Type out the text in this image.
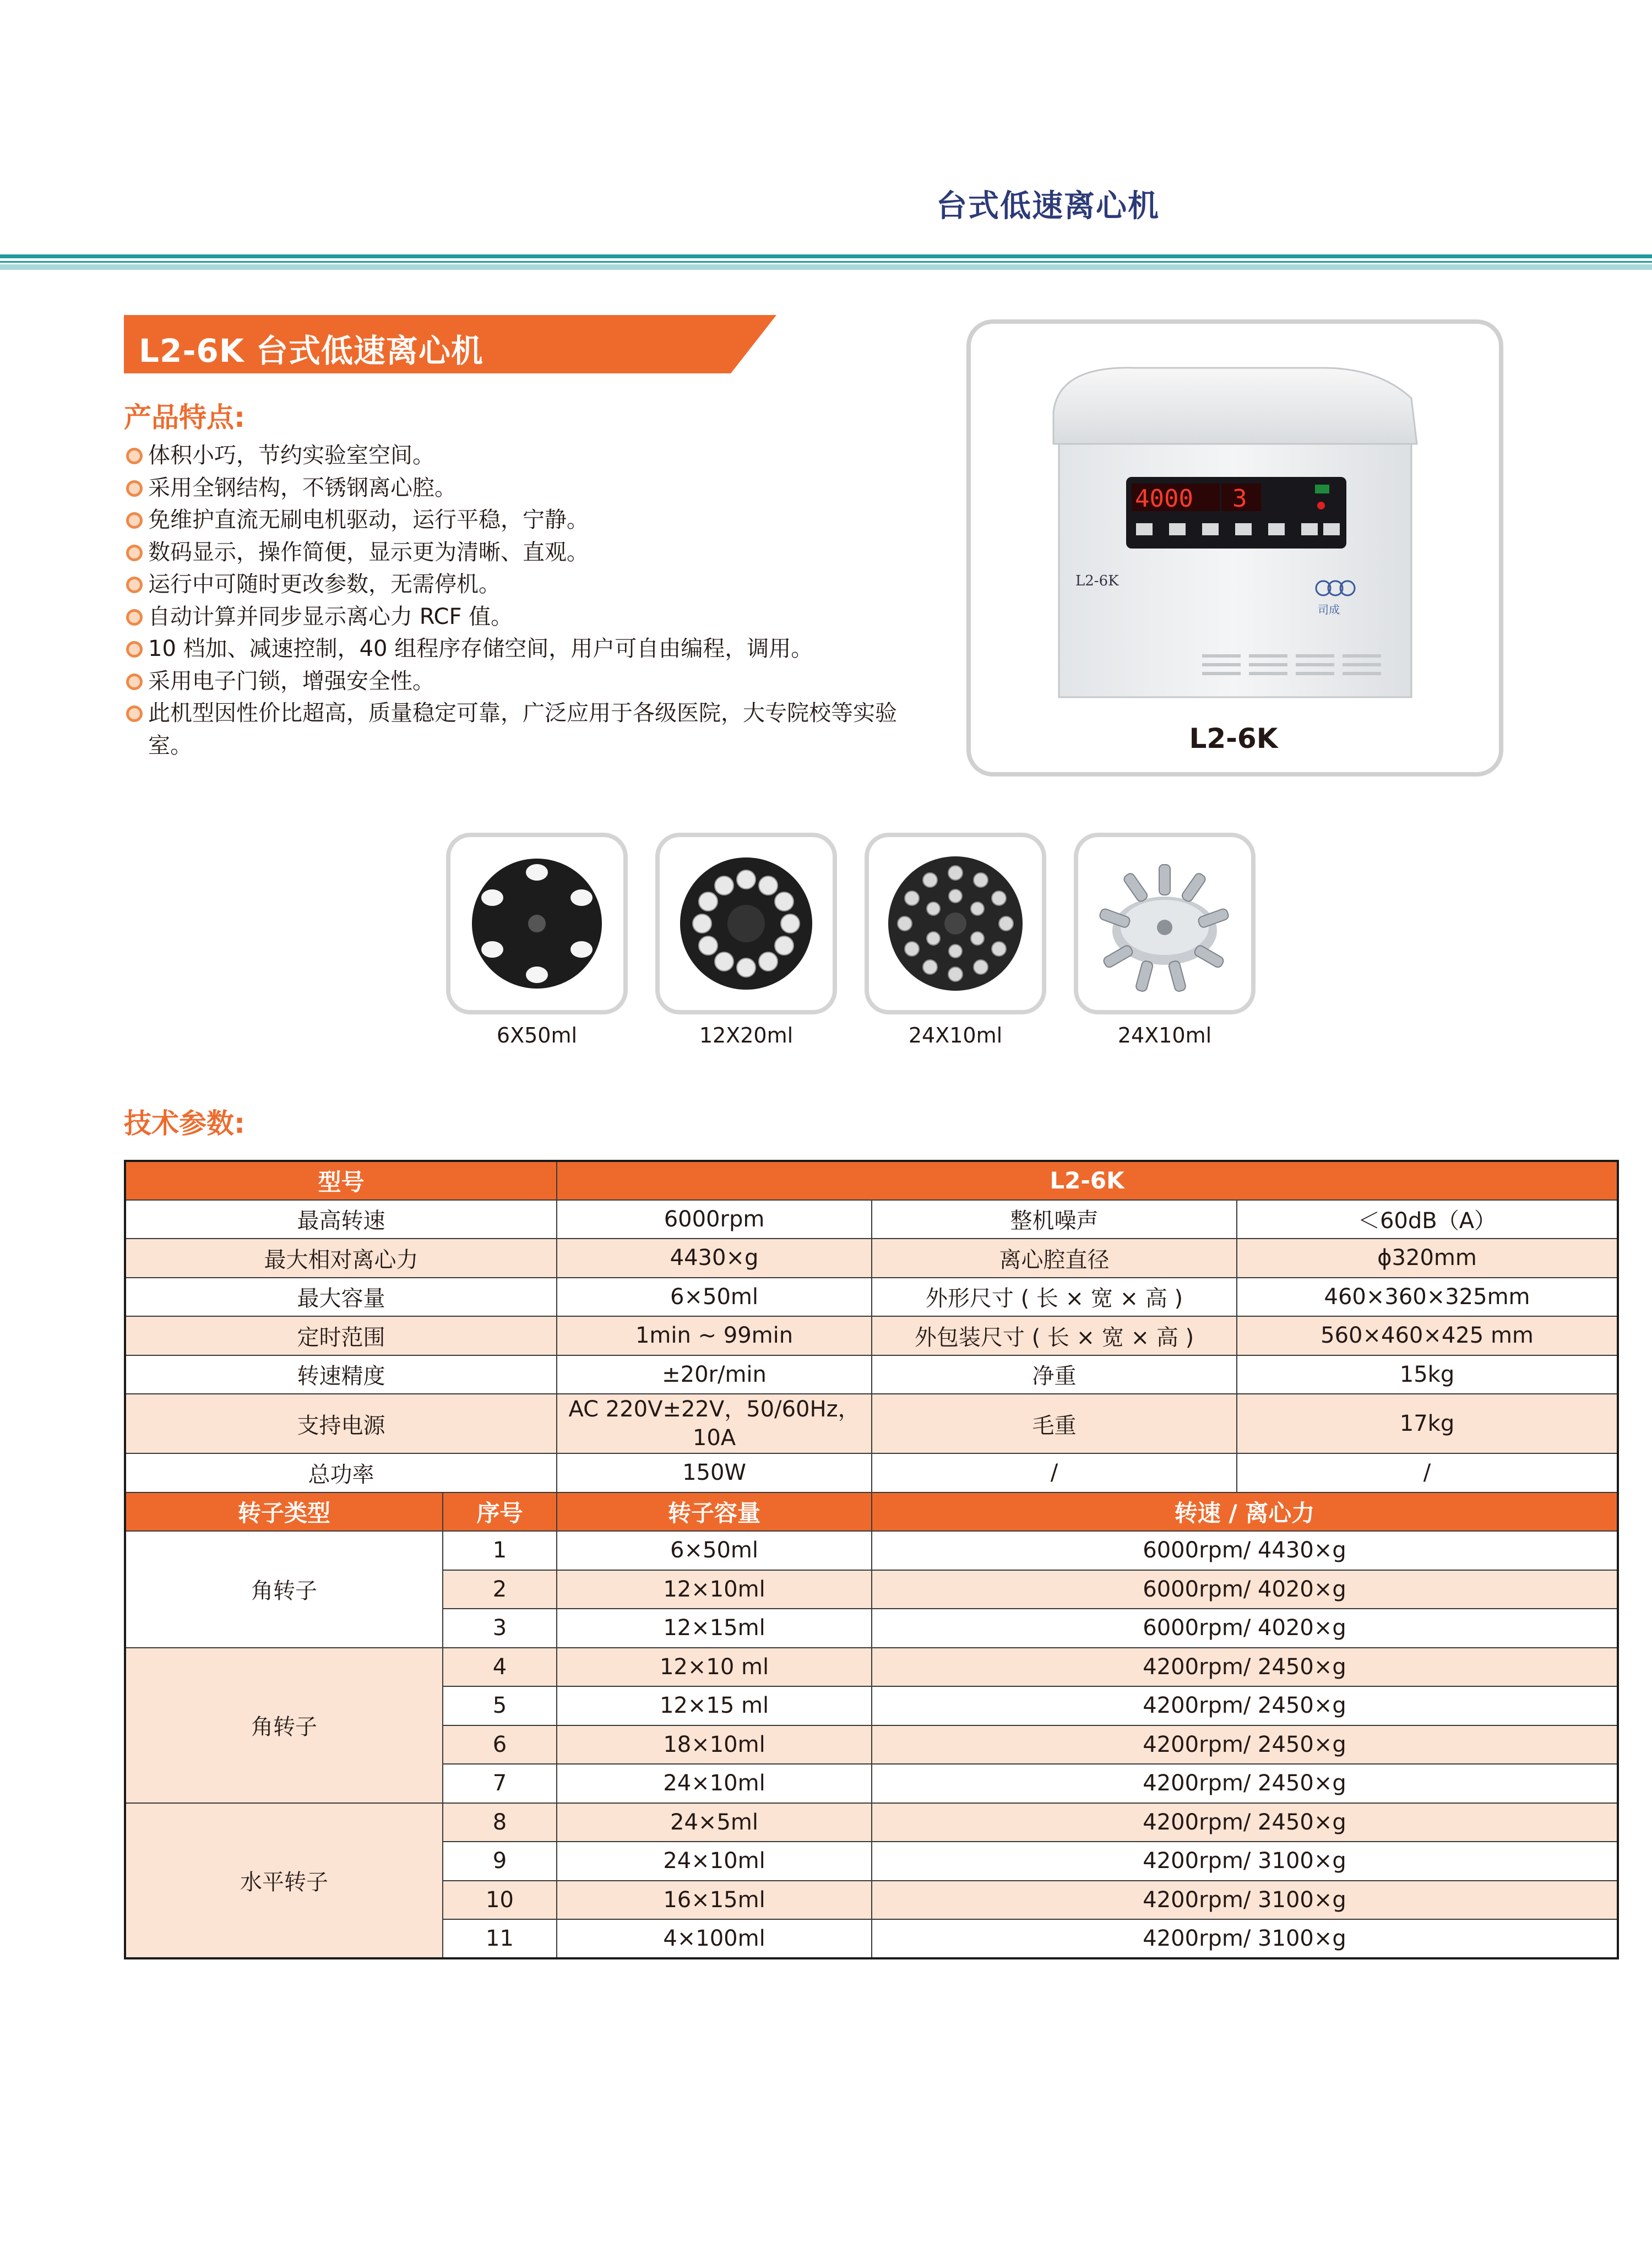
台式低速离心机
L2-6K 台式低速离心机
产品特点:
体积小巧，节约实验室空间。
采用全钢结构，不锈钢离心腔。
免维护直流无刷电机驱动，运行平稳，宁静。
数码显示，操作简便，显示更为清晰、直观。
运行中可随时更改参数，无需停机。
自动计算并同步显示离心力 RCF 值。
10 档加、减速控制，40 组程序存储空间，用户可自由编程，调用。
采用电子门锁，增强安全性。
此机型因性价比超高，质量稳定可靠，广泛应用于各级医院，大专院校等实验室。
4000 3
L2-6K
司成
L2-6K
6X50ml	12X20ml	24X10ml	24X10ml
技术参数:
型号		L2-6K		
最高转速		6000rpm	整机噪声	＜60dB（A）
最大相对离心力		4430×g	离心腔直径	ɸ320mm
最大容量		6×50ml	外形尺寸 ( 长 × 宽 × 高 )	460×360×325mm
定时范围		1min ~ 99min	外包装尺寸 ( 长 × 宽 × 高 )	560×460×425 mm
转速精度		±20r/min	净重	15kg
支持电源		AC 220V±22V，50/60Hz，
10A	毛重	17kg
总功率		150W	/	/
转子类型	序号	转子容量	转速 / 离心力	
角转子	1	6×50ml	6000rpm/ 4430×g	
	2	12×10ml	6000rpm/ 4020×g	
	3	12×15ml	6000rpm/ 4020×g	
角转子	4	12×10 ml	4200rpm/ 2450×g	
	5	12×15 ml	4200rpm/ 2450×g	
	6	18×10ml	4200rpm/ 2450×g	
	7	24×10ml	4200rpm/ 2450×g	
水平转子	8	24×5ml	4200rpm/ 2450×g	
	9	24×10ml	4200rpm/ 3100×g	
	10	16×15ml	4200rpm/ 3100×g	
	11	4×100ml	4200rpm/ 3100×g	
